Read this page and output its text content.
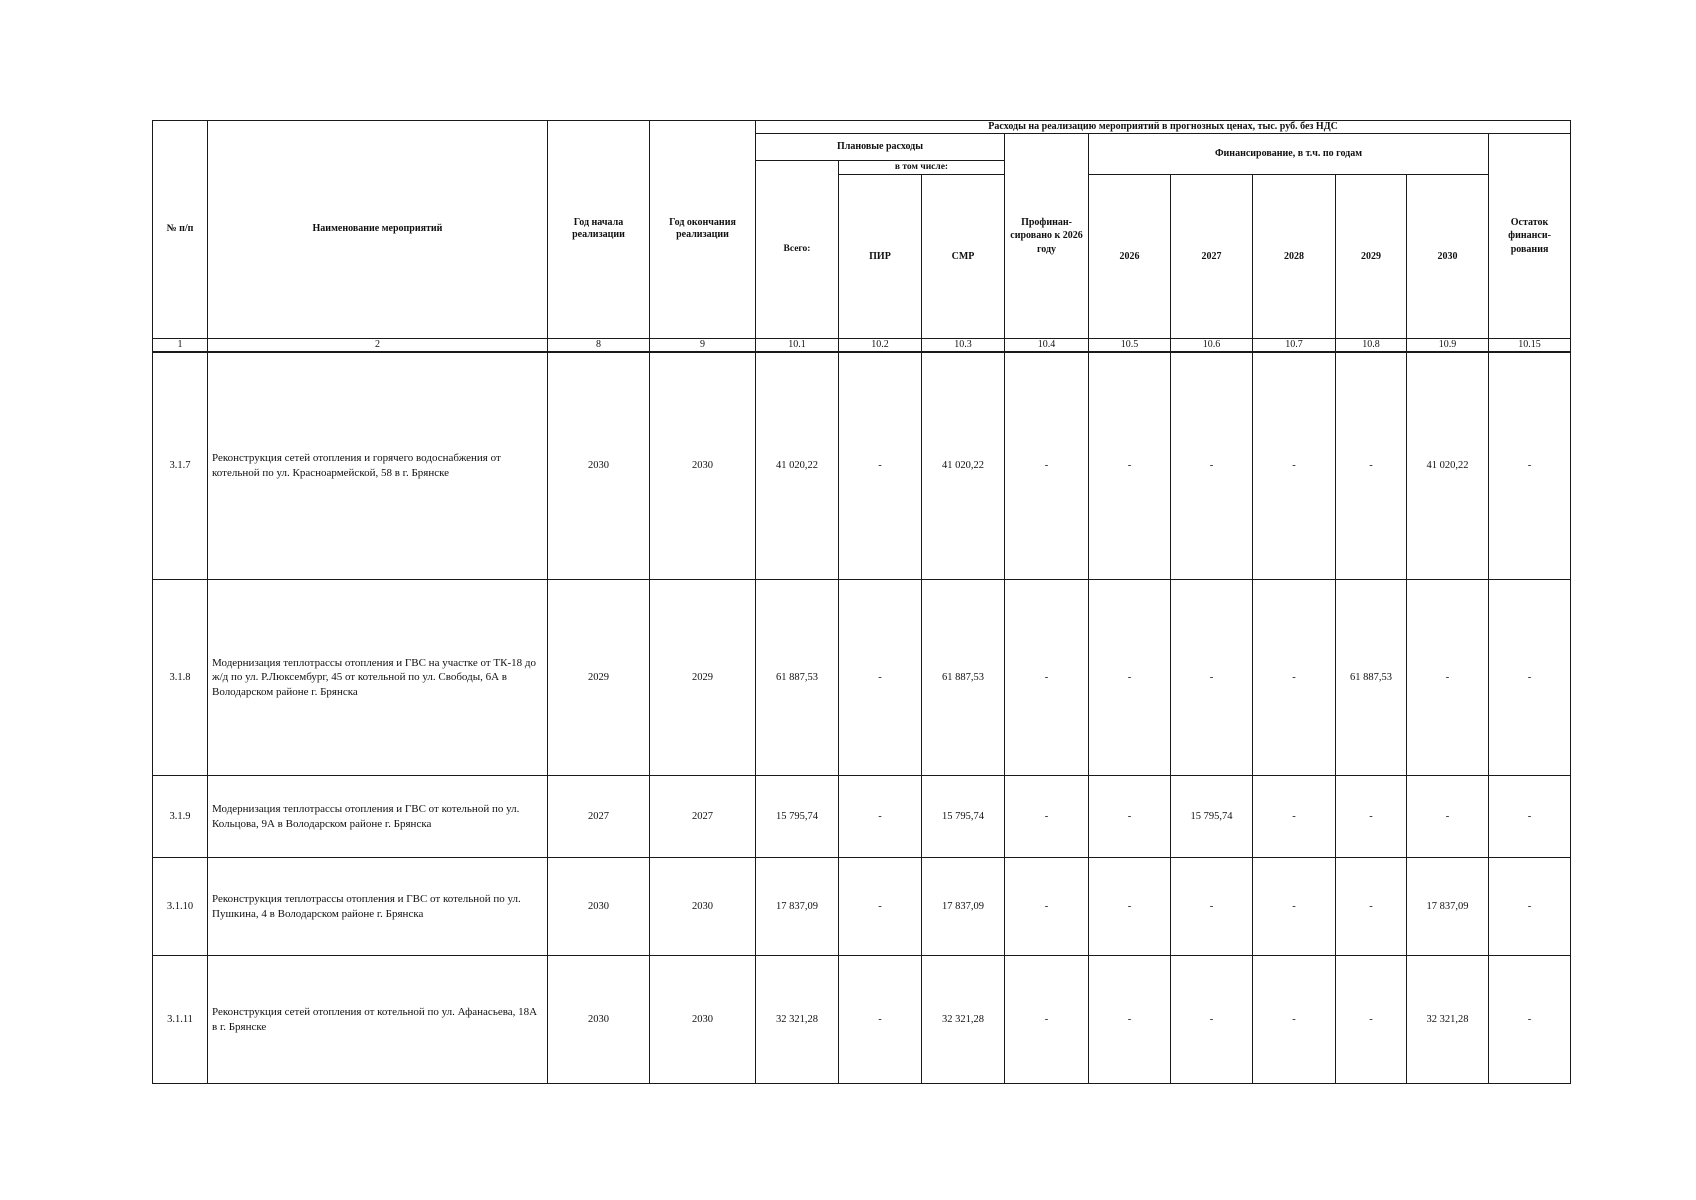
№ п/п	Наименование мероприятий	Год начала реализации	Год окончания реализации	Расходы на реализацию мероприятий в прогнозных ценах, тыс. руб. без НДС									
				Плановые расходы			Профинан-сировано к 2026 году	Финансирование, в т.ч. по годам					Остаток финанси-рования
				Всего:	в том числе:								
					ПИР	СМР		2026	2027	2028	2029	2030	
1	2	8	9	10.1	10.2	10.3	10.4	10.5	10.6	10.7	10.8	10.9	10.15
3.1.7	Реконструкция сетей отопления и горячего водоснабжения от котельной по ул. Красноармейской, 58 в г. Брянске	2030	2030	41 020,22	-	41 020,22	-	-	-	-	-	41 020,22	-
3.1.8	Модернизация теплотрассы отопления и ГВС на участке от ТК-18 до ж/д по ул. Р.Люксембург, 45 от котельной по ул. Свободы, 6А в Володарском районе г. Брянска	2029	2029	61 887,53	-	61 887,53	-	-	-	-	61 887,53	-	-
3.1.9	Модернизация теплотрассы отопления и ГВС от котельной по ул. Кольцова, 9А в Володарском районе г. Брянска	2027	2027	15 795,74	-	15 795,74	-	-	15 795,74	-	-	-	-
3.1.10	Реконструкция теплотрассы отопления и ГВС от котельной по ул. Пушкина, 4 в Володарском районе г. Брянска	2030	2030	17 837,09	-	17 837,09	-	-	-	-	-	17 837,09	-
3.1.11	Реконструкция сетей отопления от котельной по ул. Афанасьева, 18А в г. Брянске	2030	2030	32 321,28	-	32 321,28	-	-	-	-	-	32 321,28	-
